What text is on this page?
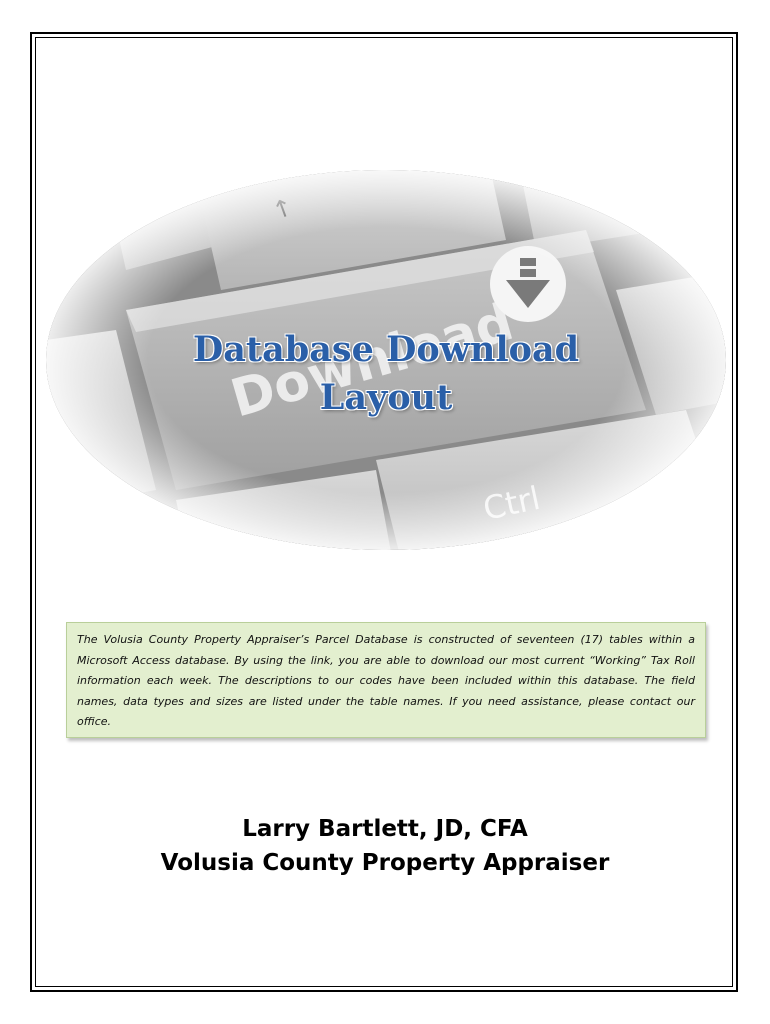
Database Download
Layout
The Volusia County Property Appraiser’s Parcel Database is constructed of seventeen (17) tables within a Microsoft Access database. By using the link, you are able to download our most current “Working” Tax Roll information each week. The descriptions to our codes have been included within this database. The field names, data types and sizes are listed under the table names. If you need assistance, please contact our office.
Larry Bartlett, JD, CFA
Volusia County Property Appraiser
